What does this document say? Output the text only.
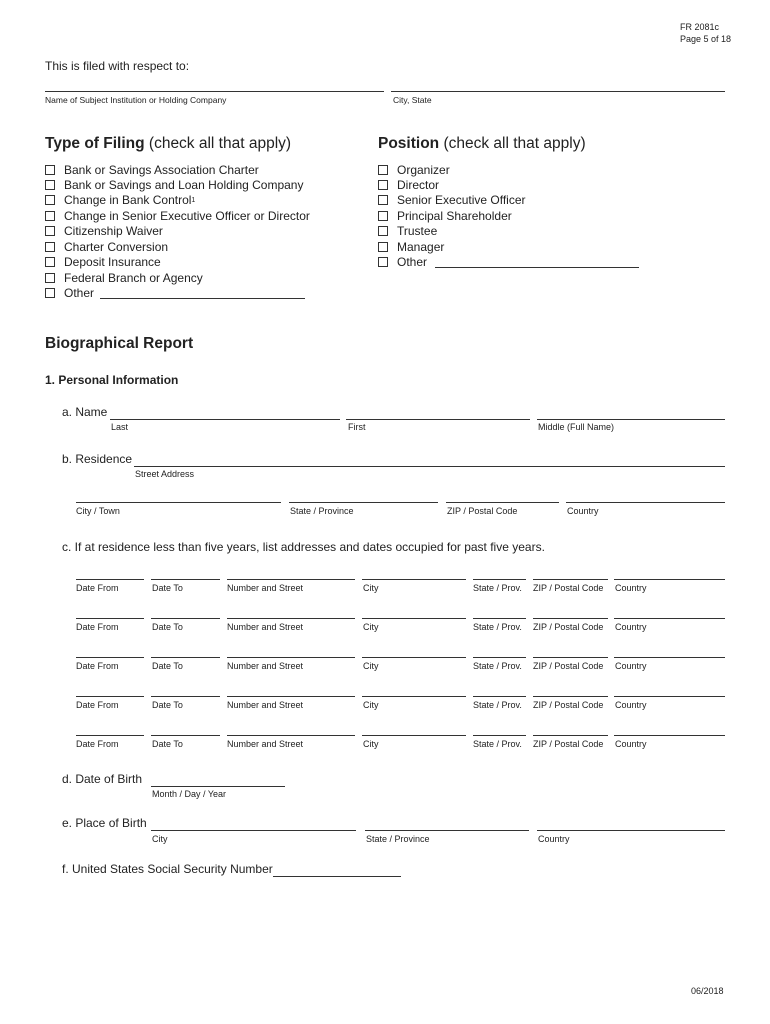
FR 2081c
Page 5 of 18
This is filed with respect to:
Name of Subject Institution or Holding Company	City, State
Type of Filing (check all that apply)
Bank or Savings Association Charter
Bank or Savings and Loan Holding Company
Change in Bank Control 1
Change in Senior Executive Officer or Director
Citizenship Waiver
Charter Conversion
Deposit Insurance
Federal Branch or Agency
Other
Position (check all that apply)
Organizer
Director
Senior Executive Officer
Principal Shareholder
Trustee
Manager
Other
Biographical Report
1. Personal Information
a. Name
Last	First	Middle (Full Name)
b. Residence
Street Address
City / Town	State / Province	ZIP / Postal Code	Country
c. If at residence less than five years, list addresses and dates occupied for past five years.
Date From	Date To	Number and Street	City	State / Prov. ZIP / Postal Code Country
Date From	Date To	Number and Street	City	State / Prov. ZIP / Postal Code Country
Date From	Date To	Number and Street	City	State / Prov. ZIP / Postal Code Country
Date From	Date To	Number and Street	City	State / Prov. ZIP / Postal Code Country
Date From	Date To	Number and Street	City	State / Prov. ZIP / Postal Code Country
d. Date of Birth
Month / Day / Year
e. Place of Birth
City	State / Province	Country
f. United States Social Security Number
06/2018
